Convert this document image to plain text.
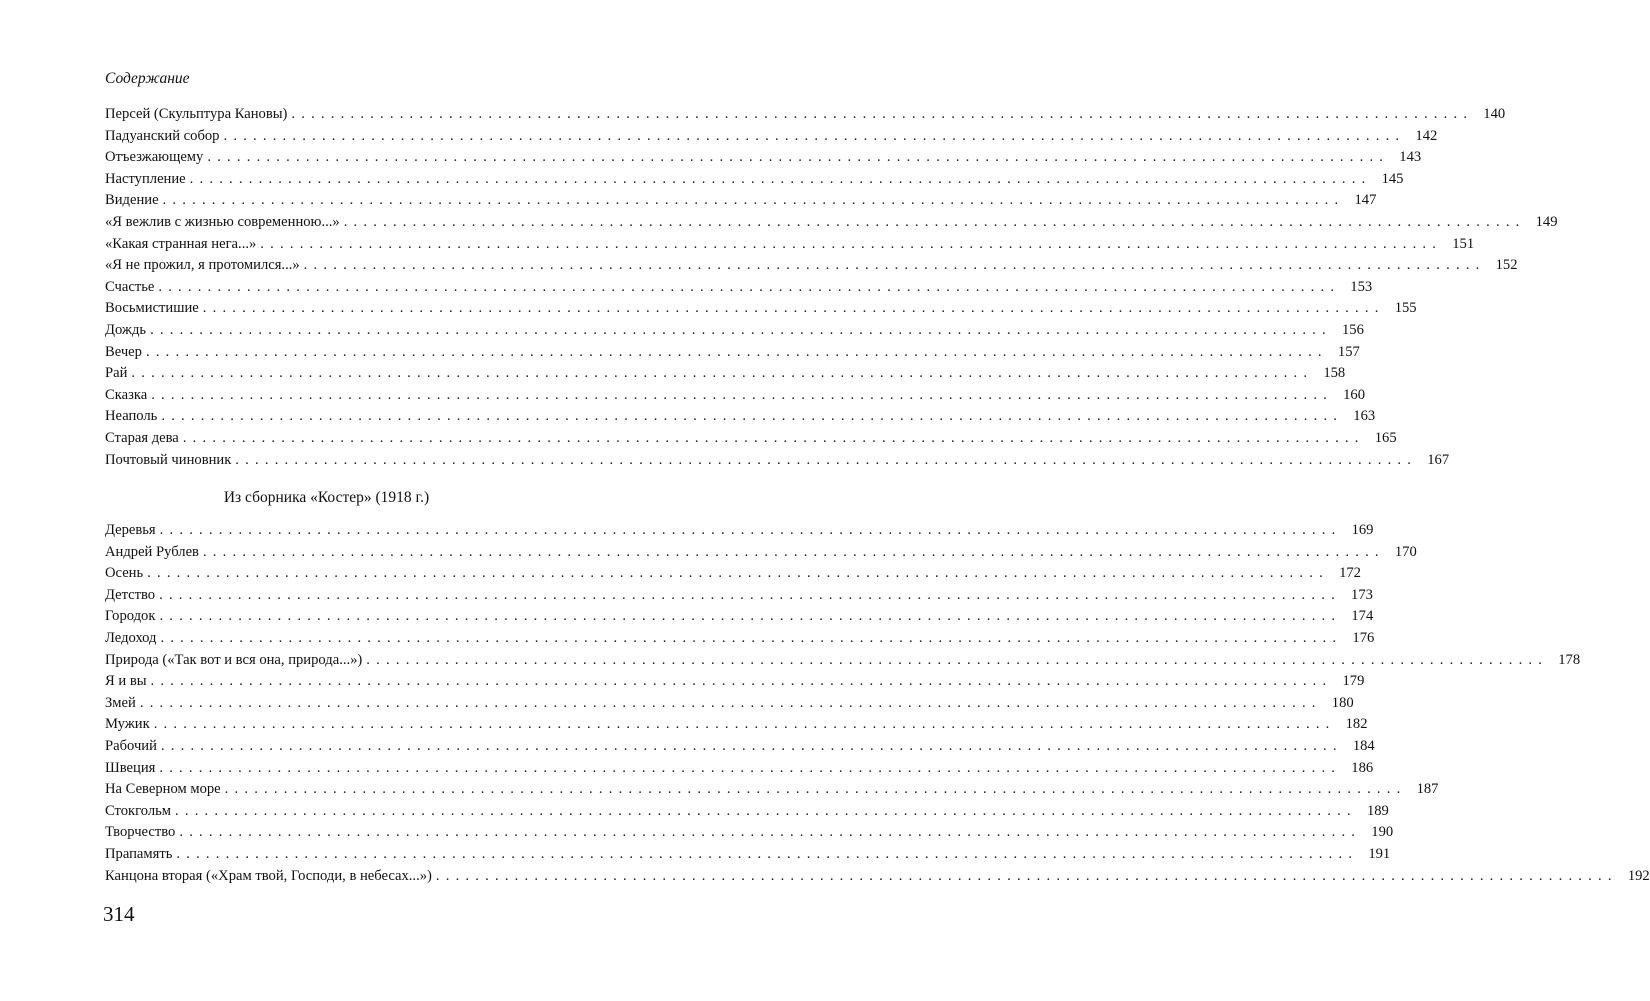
Содержание
Персей (Скульптура Кановы) ........................................................................................................................ 140
Падуанский собор ........................................................................................................................ 142
Отъезжающему ........................................................................................................................ 143
Наступление ........................................................................................................................ 145
Видение ........................................................................................................................ 147
«Я вежлив с жизнью современною...» ........................................................................................................................ 149
«Какая странная нега...» ........................................................................................................................ 151
«Я не прожил, я протомился...» ........................................................................................................................ 152
Счастье ........................................................................................................................ 153
Восьмистишие ........................................................................................................................ 155
Дождь ........................................................................................................................ 156
Вечер ........................................................................................................................ 157
Рай ........................................................................................................................ 158
Сказка ........................................................................................................................ 160
Неаполь ........................................................................................................................ 163
Старая дева ........................................................................................................................ 165
Почтовый чиновник ........................................................................................................................ 167
Из сборника «Костер» (1918 г.)
Деревья ........................................................................................................................ 169
Андрей Рублев ........................................................................................................................ 170
Осень ........................................................................................................................ 172
Детство ........................................................................................................................ 173
Городок ........................................................................................................................ 174
Ледоход ........................................................................................................................ 176
Природа («Так вот и вся она, природа...») ........................................................................................................................ 178
Я и вы ........................................................................................................................ 179
Змей ........................................................................................................................ 180
Мужик ........................................................................................................................ 182
Рабочий ........................................................................................................................ 184
Швеция ........................................................................................................................ 186
На Северном море ........................................................................................................................ 187
Стокгольм ........................................................................................................................ 189
Творчество ........................................................................................................................ 190
Прапамять ........................................................................................................................ 191
Канцона вторая («Храм твой, Господи, в небесах...») ........................................................................................................................ 192
314
